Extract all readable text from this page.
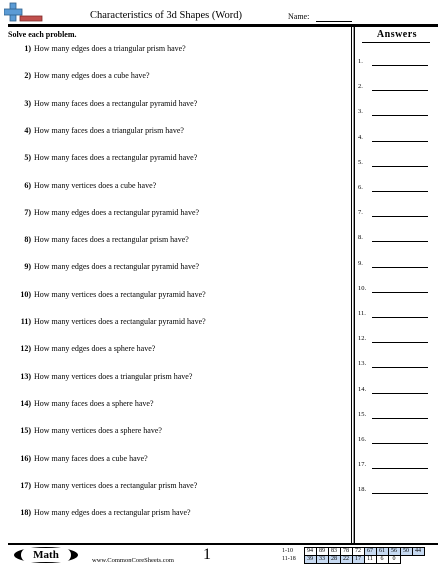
Characteristics of 3d Shapes (Word)	Name:
Solve each problem.
1) How many edges does a triangular prism have?
2) How many edges does a cube have?
3) How many faces does a rectangular pyramid have?
4) How many faces does a triangular prism have?
5) How many faces does a rectangular pyramid have?
6) How many vertices does a cube have?
7) How many edges does a rectangular pyramid have?
8) How many faces does a rectangular prism have?
9) How many edges does a rectangular pyramid have?
10) How many vertices does a rectangular pyramid have?
11) How many vertices does a rectangular pyramid have?
12) How many edges does a sphere have?
13) How many vertices does a triangular prism have?
14) How many faces does a sphere have?
15) How many vertices does a sphere have?
16) How many faces does a cube have?
17) How many vertices does a rectangular prism have?
18) How many edges does a rectangular prism have?
Answers
1.
2.
3.
4.
5.
6.
7.
8.
9.
10.
11.
12.
13.
14.
15.
16.
17.
18.
Math	www.CommonCoreSheets.com 1	1-10	94	89	83	78	72	67	61	56	50	44
11-18	39	33	28	22	17	11	6	0		
